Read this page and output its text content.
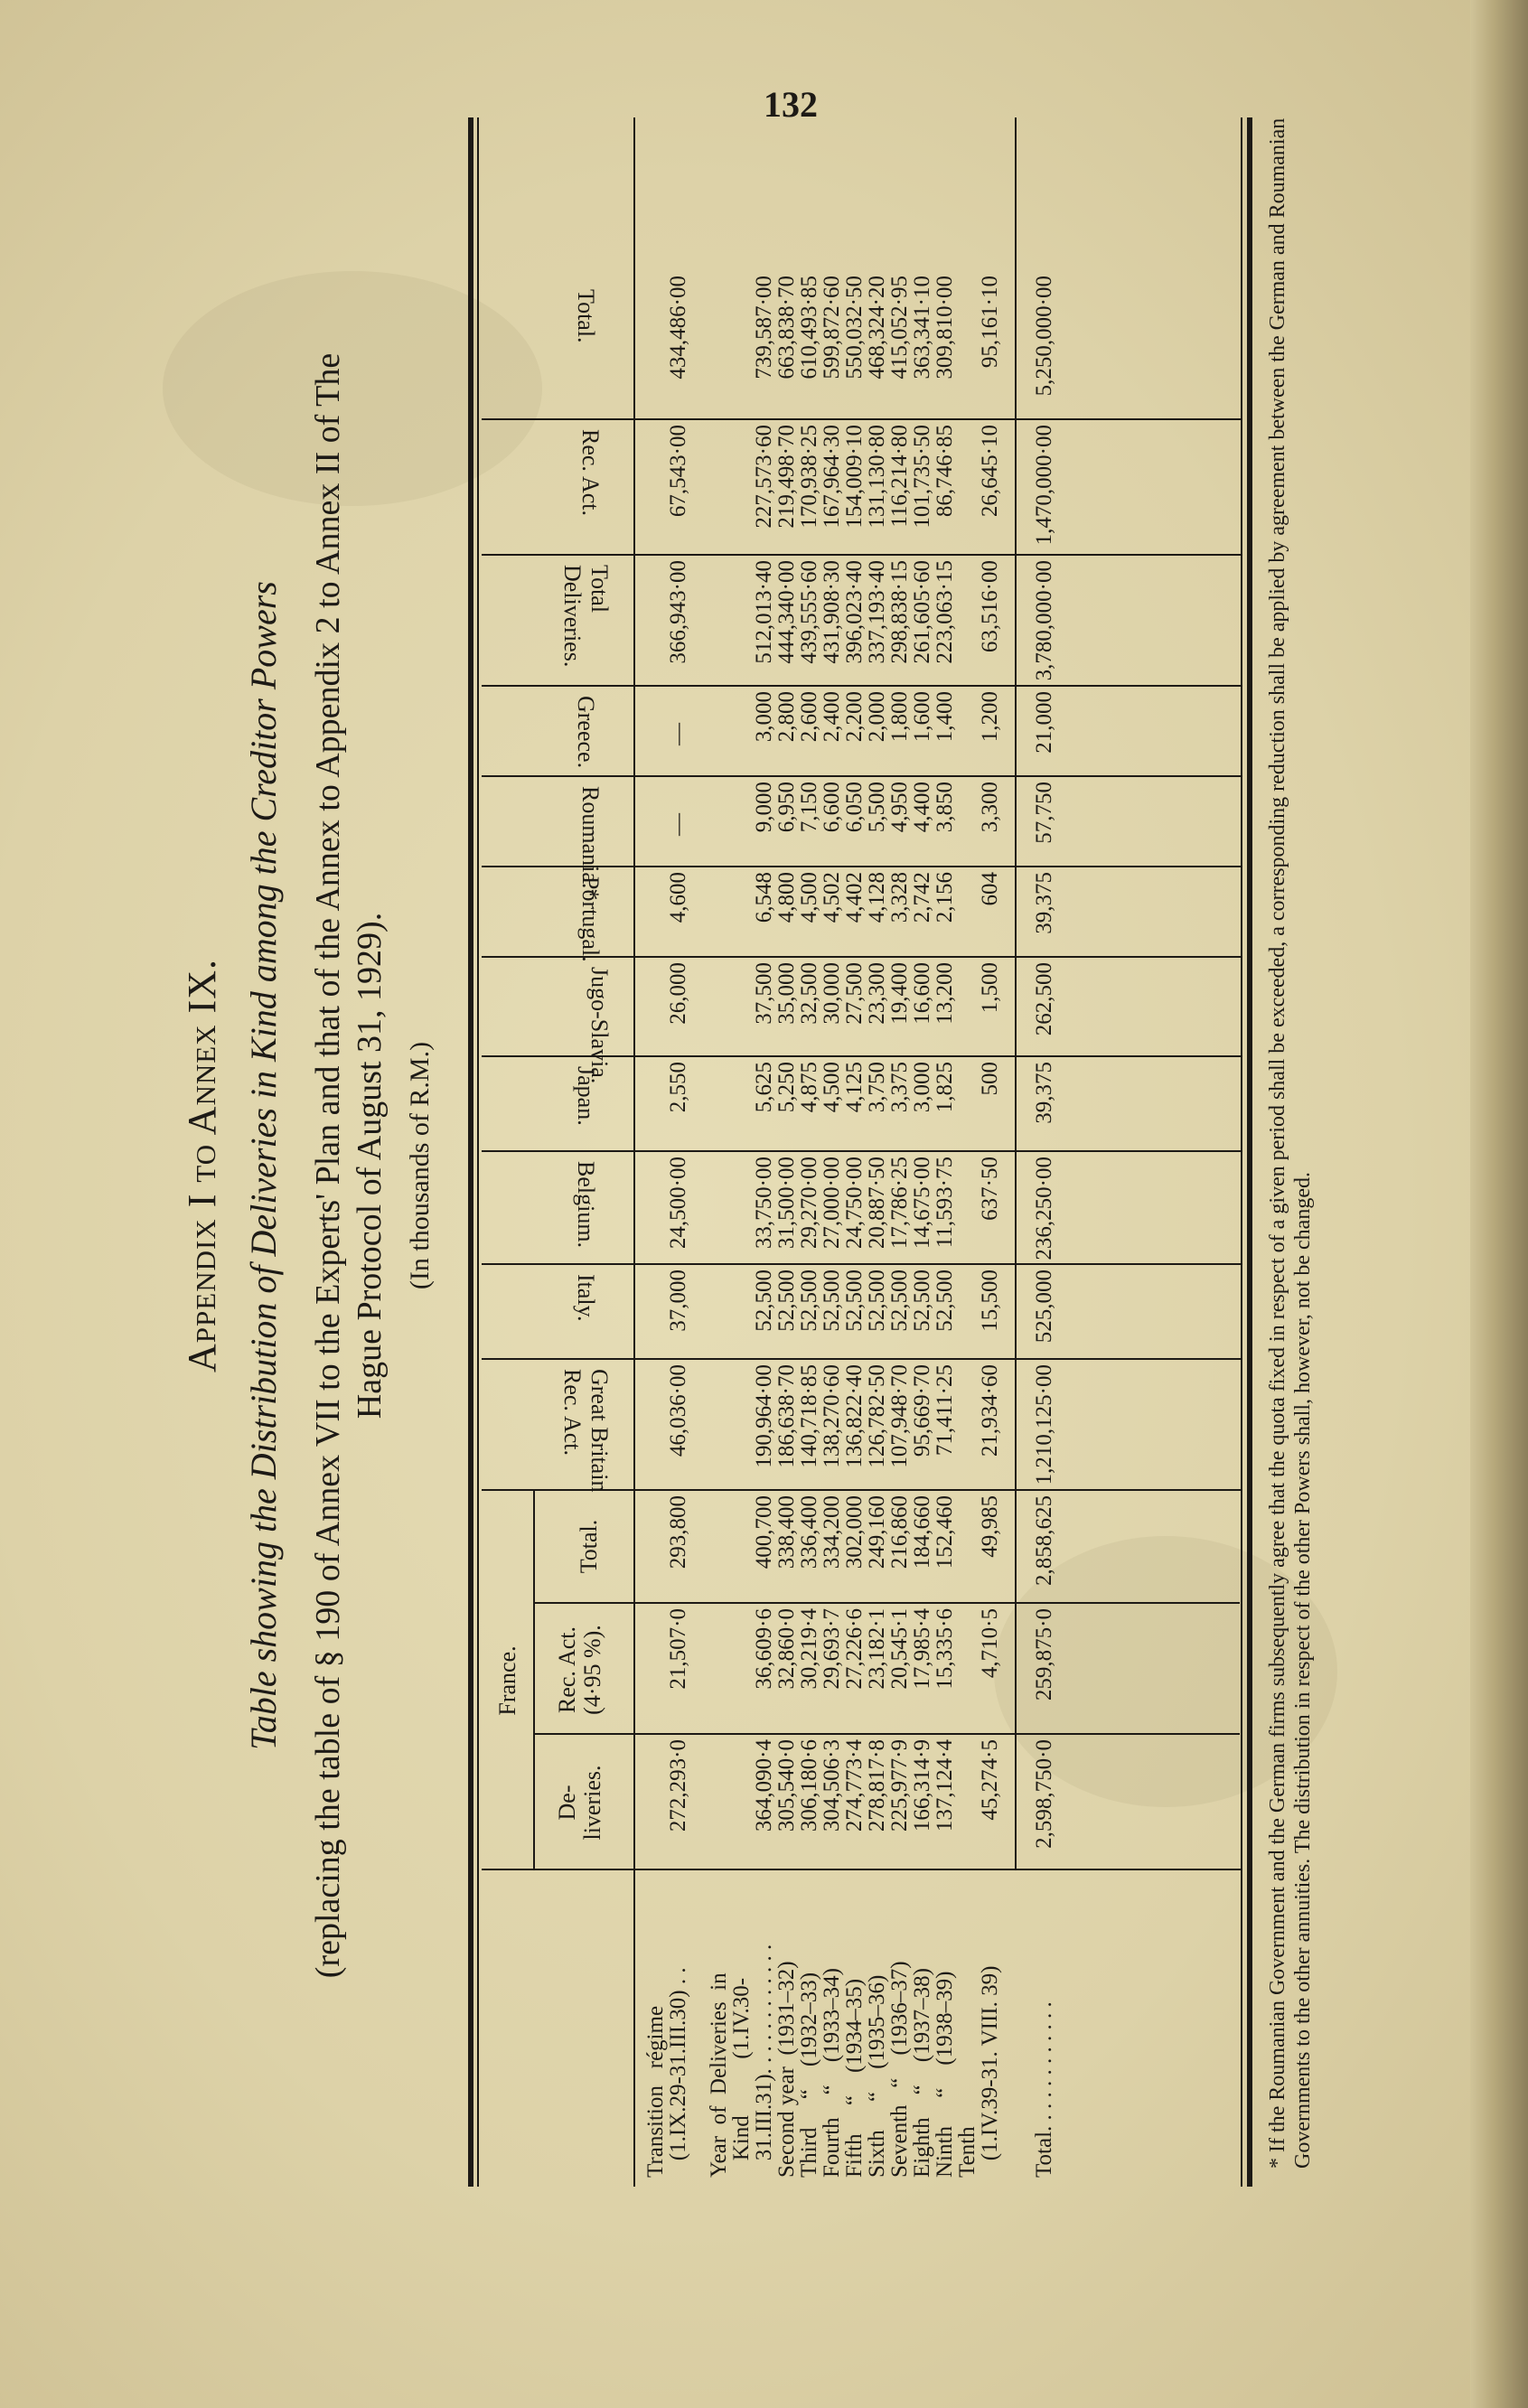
132
Appendix I to Annex IX. Table showing the Distribution of Deliveries in Kind among the Creditor Powers (replacing the table of § 190 of Annex VII to the Experts' Plan and that of the Annex to Appendix 2 to Annex II of The Hague Protocol of August 31, 1929). (In thousands of R.M.)
France.
De-
liveries.
Rec. Act.
(4·95 %).
Total.
Great Britain
Rec. Act.
Italy.
Belgium.
Japan.
Jugo-Slavia.
Portugal.
Roumania.*
Greece.
Total
Deliveries.
Rec. Act.
Total.
Transition   régime
(1.IX.29-31.III.30) . .
272,293·0
21,507·0
293,800
46,036·00
37,000
24,500·00
2,550
26,000
4,600
—
—
366,943·00
67,543·00
434,486·00
Year  of  Deliveries  in
Kind          (1.IV.30-
31.III.31). . . . . . . . . . . .
Second year  (1931–32)
Third     “    (1932–33)
Fourth    “    (1933–34)
Fifth     “    (1934–35)
Sixth     “    (1935–36)
Seventh   “    (1936–37)
Eighth    “    (1937–38)
Ninth     “    (1938–39)
Tenth

364,090·4
305,540·0
306,180·6
304,506·3
274,773·4
278,817·8
225,977·9
166,314·9
137,124·4

36,609·6
32,860·0
30,219·4
29,693·7
27,226·6
23,182·1
20,545·1
17,985·4
15,335·6

400,700
338,400
336,400
334,200
302,000
249,160
216,860
184,660
152,460

190,964·00
186,638·70
140,718·85
138,270·60
136,822·40
126,782·50
107,948·70
95,669·70
71,411·25

52,500
52,500
52,500
52,500
52,500
52,500
52,500
52,500
52,500

33,750·00
31,500·00
29,270·00
27,000·00
24,750·00
20,887·50
17,786·25
14,675·00
11,593·75

5,625
5,250
4,875
4,500
4,125
3,750
3,375
3,000
1,825

37,500
35,000
32,500
30,000
27,500
23,300
19,400
16,600
13,200

6,548
4,800
4,500
4,502
4,402
4,128
3,328
2,742
2,156

9,000
6,950
7,150
6,600
6,050
5,500
4,950
4,400
3,850

3,000
2,800
2,600
2,400
2,200
2,000
1,800
1,600
1,400

512,013·40
444,340·00
439,555·60
431,908·30
396,023·40
337,193·40
298,838·15
261,605·60
223,063·15

227,573·60
219,498·70
170,938·25
167,964·30
154,009·10
131,130·80
116,214·80
101,735·50
86,746·85

739,587·00
663,838·70
610,493·85
599,872·60
550,032·50
468,324·20
415,052·95
363,341·10
309,810·00
(1.IV.39-31. VIII. 39)
45,274·5
4,710·5
49,985
21,934·60
15,500
637·50
500
1,500
604
3,300
1,200
63,516·00
26,645·10
95,161·10
Total. . . . . . . . . . . .
2,598,750·0
259,875·0
2,858,625
1,210,125·00
525,000
236,250·00
39,375
262,500
39,375
57,750
21,000
3,780,000·00
1,470,000·00
5,250,000·00	* If the Roumanian Government and the German firms subsequently agree that the quota fixed in respect of a given period shall be exceeded, a corresponding reduction shall be applied by agreement between the German and Roumanian Governments to the other annuities. The distribution in respect of the other Powers shall, however, not be changed.
